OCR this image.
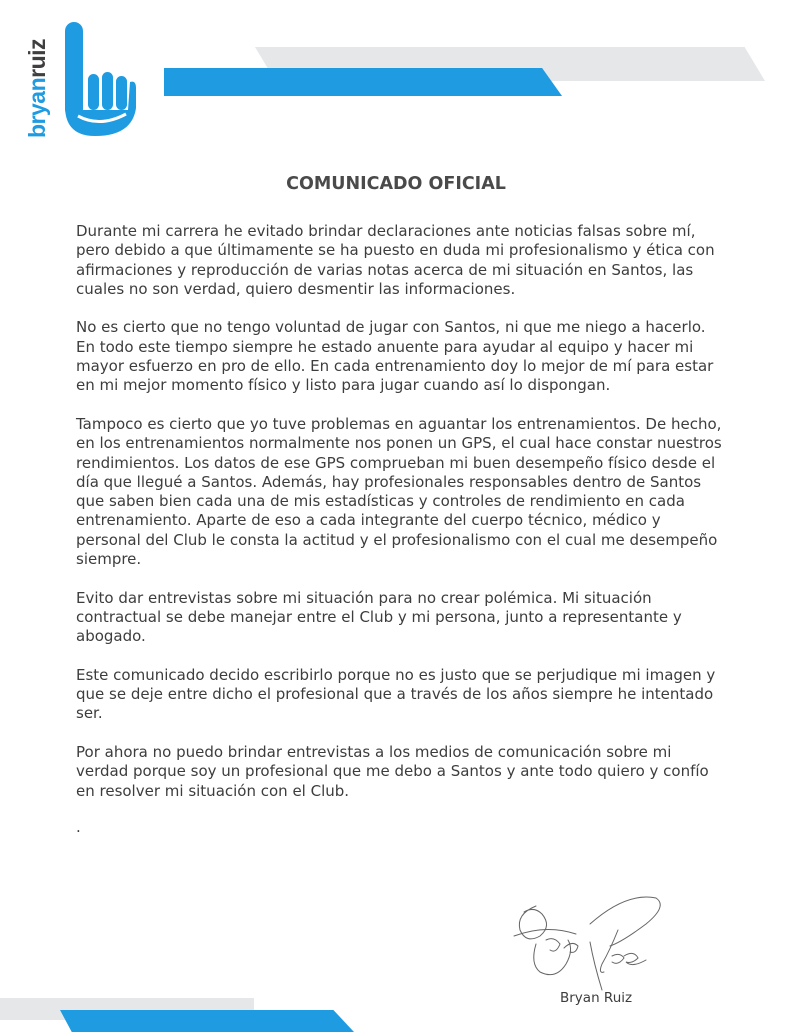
bryanruiz
COMUNICADO OFICIAL

Durante mi carrera he evitado brindar declaraciones ante noticias falsas sobre mí, pero debido a que últimamente se ha puesto en duda mi profesionalismo y ética con afirmaciones y reproducción de varias notas acerca de mi situación en Santos, las cuales no son verdad, quiero desmentir las informaciones.

No es cierto que no tengo voluntad de jugar con Santos, ni que me niego a hacerlo. En todo este tiempo siempre he estado anuente para ayudar al equipo y hacer mi mayor esfuerzo en pro de ello. En cada entrenamiento doy lo mejor de mí para estar en mi mejor momento físico y listo para jugar cuando así lo dispongan.

Tampoco es cierto que yo tuve problemas en aguantar los entrenamientos. De hecho, en los entrenamientos normalmente nos ponen un GPS, el cual hace constar nuestros rendimientos. Los datos de ese GPS comprueban mi buen desempeño físico desde el día que llegué a Santos. Además, hay profesionales responsables dentro de Santos que saben bien cada una de mis estadísticas y controles de rendimiento en cada entrenamiento. Aparte de eso a cada integrante del cuerpo técnico, médico y personal del Club le consta la actitud y el profesionalismo con el cual me desempeño siempre.

Evito dar entrevistas sobre mi situación para no crear polémica. Mi situación contractual se debe manejar entre el Club y mi persona, junto a representante y abogado.

Este comunicado decido escribirlo porque no es justo que se perjudique mi imagen y que se deje entre dicho el profesional que a través de los años siempre he intentado ser.

Por ahora no puedo brindar entrevistas a los medios de comunicación sobre mi verdad porque soy un profesional que me debo a Santos y ante todo quiero y confío en resolver mi situación con el Club.

.
Bryan Ruiz
